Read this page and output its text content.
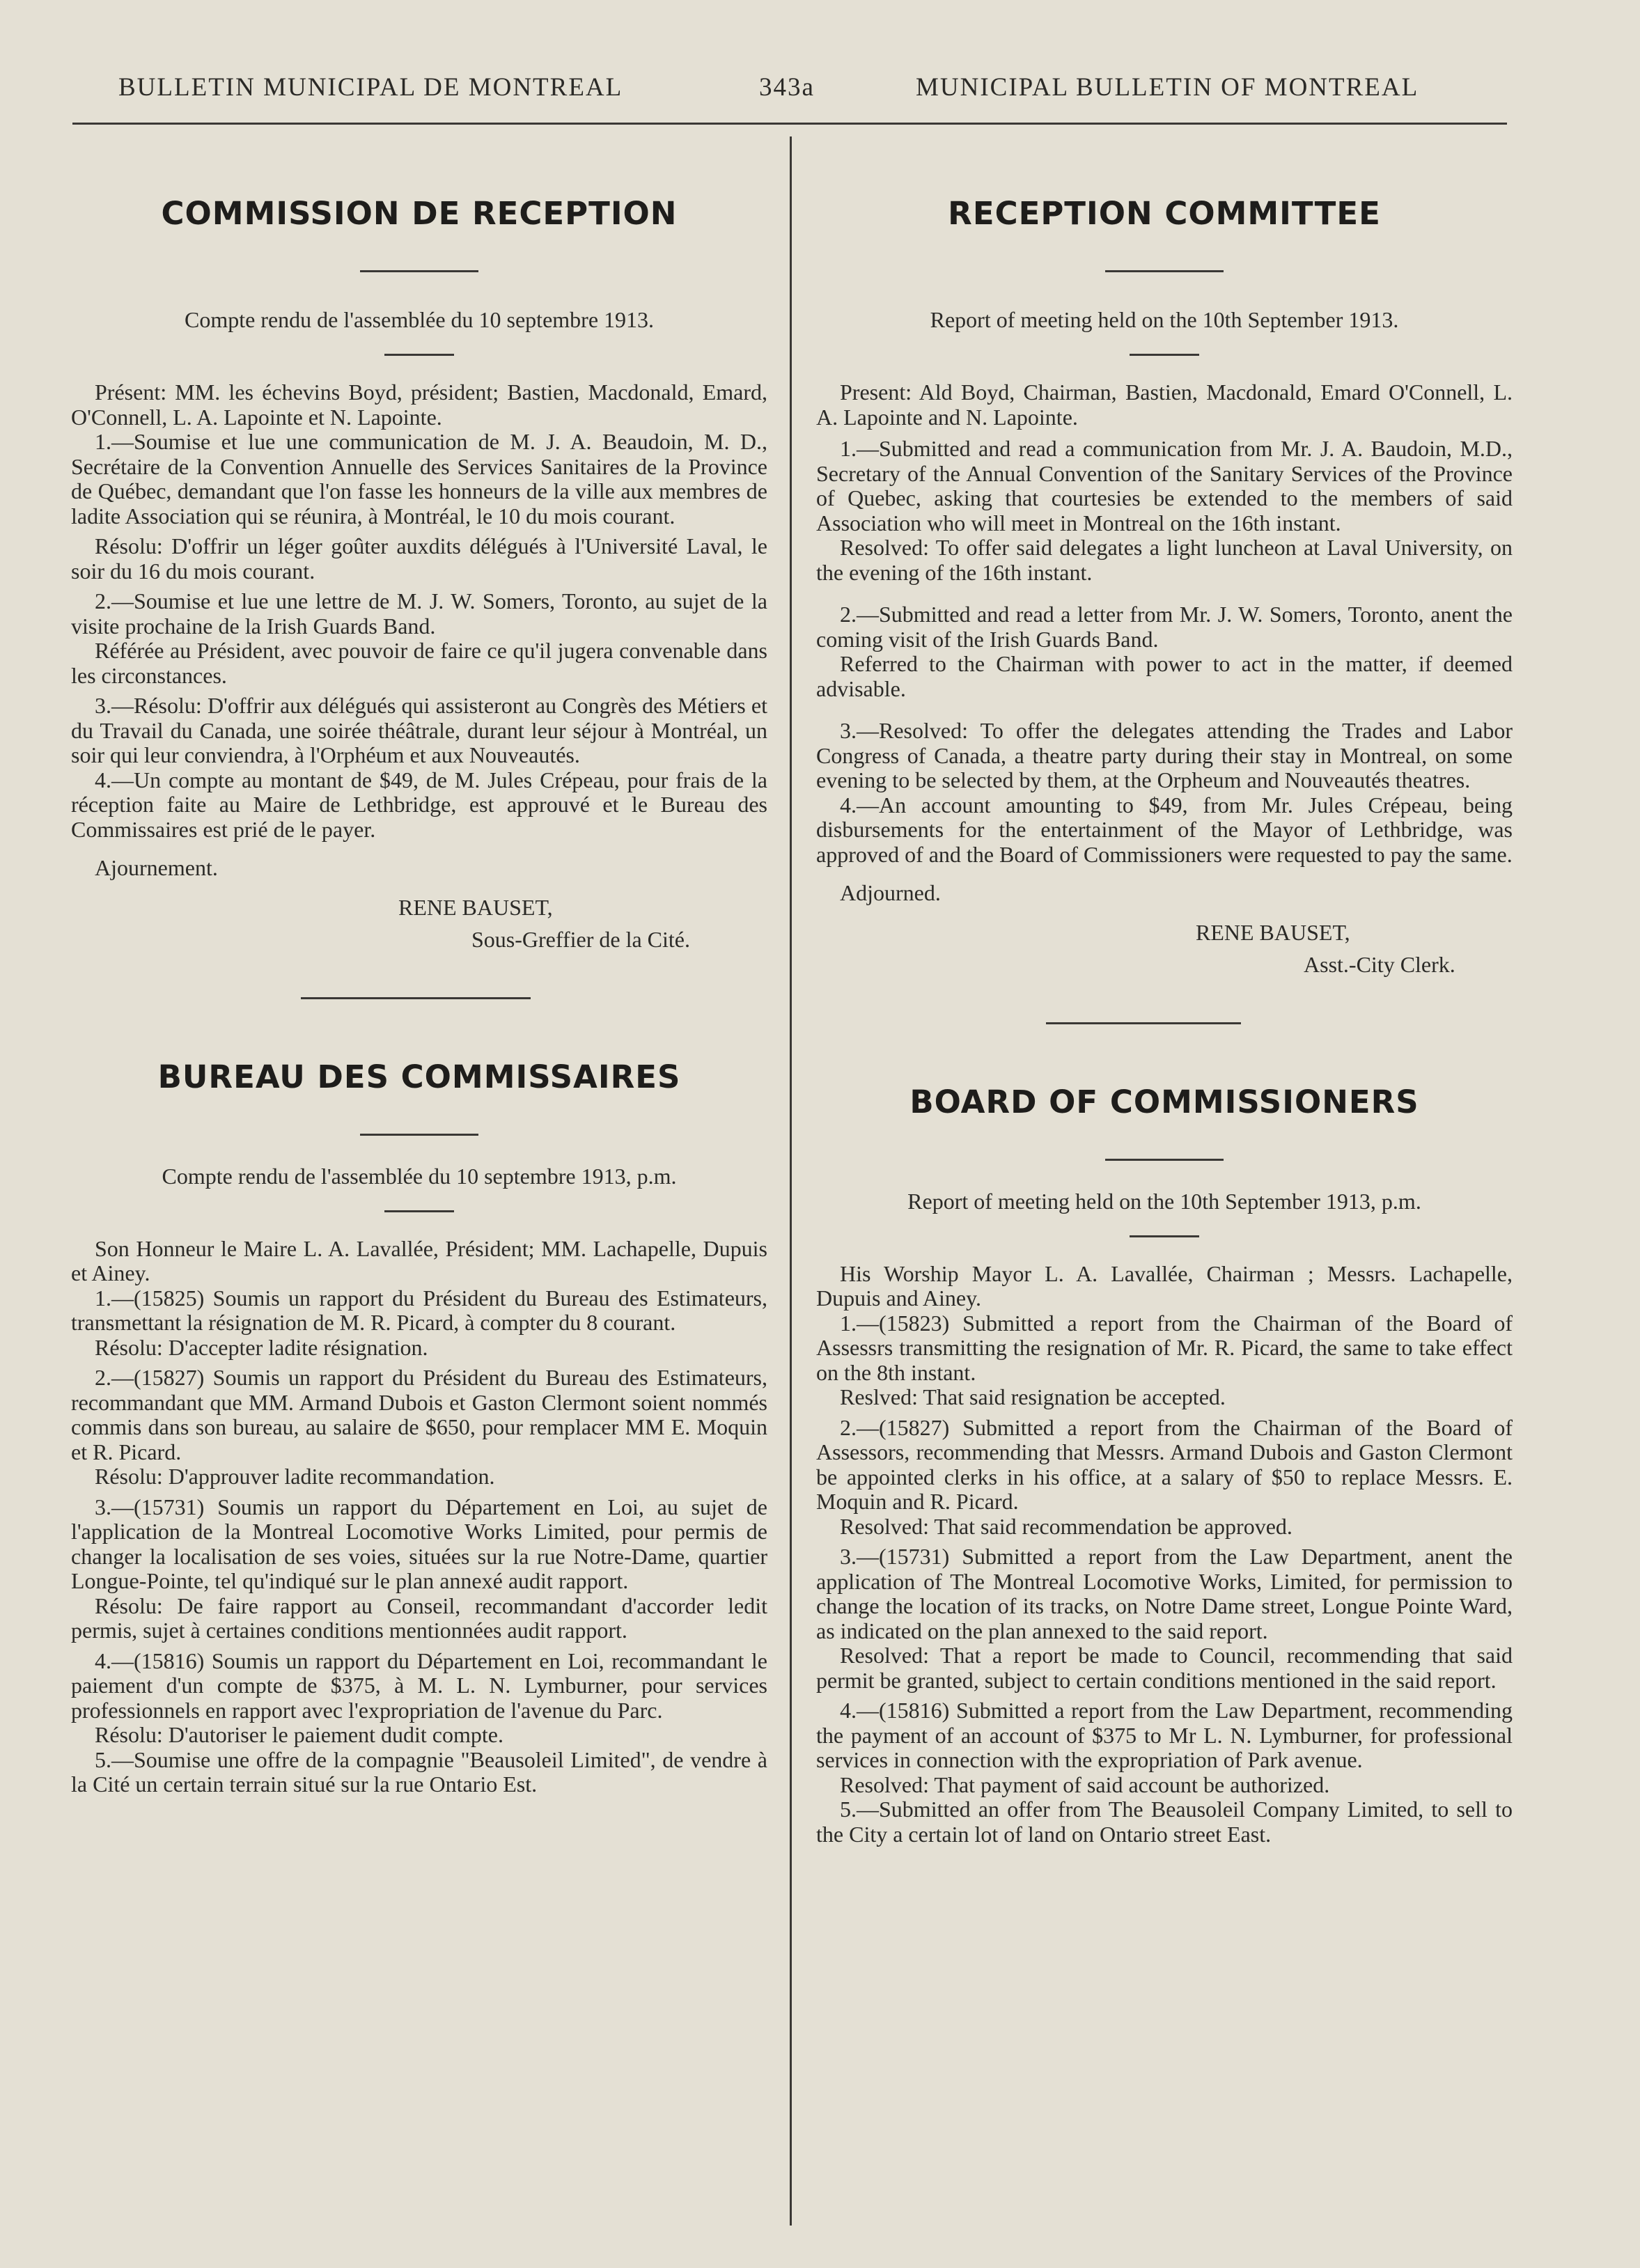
BULLETIN MUNICIPAL DE MONTREAL	343a	MUNICIPAL BULLETIN OF MONTREAL
COMMISSION DE RECEPTION

Compte rendu de l'assemblée du 10 septembre 1913.

Présent: MM. les échevins Boyd, président; Bastien, Macdonald, Emard, O'Connell, L. A. Lapointe et N. Lapointe.

1.—Soumise et lue une communication de M. J. A. Beaudoin, M. D., Secrétaire de la Convention Annuelle des Services Sanitaires de la Province de Québec, demandant que l'on fasse les honneurs de la ville aux membres de ladite Association qui se réunira, à Montréal, le 10 du mois courant.

Résolu: D'offrir un léger goûter auxdits délégués à l'Université Laval, le soir du 16 du mois courant.

2.—Soumise et lue une lettre de M. J. W. Somers, Toronto, au sujet de la visite prochaine de la Irish Guards Band.

Référée au Président, avec pouvoir de faire ce qu'il jugera convenable dans les circonstances.

3.—Résolu: D'offrir aux délégués qui assisteront au Congrès des Métiers et du Travail du Canada, une soirée théâtrale, durant leur séjour à Montréal, un soir qui leur conviendra, à l'Orphéum et aux Nouveautés.

4.—Un compte au montant de $49, de M. Jules Crépeau, pour frais de la réception faite au Maire de Lethbridge, est approuvé et le Bureau des Commissaires est prié de le payer.

Ajournement.

RENE BAUSET,
Sous-Greffier de la Cité.
BUREAU DES COMMISSAIRES

Compte rendu de l'assemblée du 10 septembre 1913, p.m.

Son Honneur le Maire L. A. Lavallée, Président; MM. Lachapelle, Dupuis et Ainey.

1.—(15825) Soumis un rapport du Président du Bureau des Estimateurs, transmettant la résignation de M. R. Picard, à compter du 8 courant.

Résolu: D'accepter ladite résignation.

2.—(15827) Soumis un rapport du Président du Bureau des Estimateurs, recommandant que MM. Armand Dubois et Gaston Clermont soient nommés commis dans son bureau, au salaire de $650, pour remplacer MM E. Moquin et R. Picard.

Résolu: D'approuver ladite recommandation.

3.—(15731) Soumis un rapport du Département en Loi, au sujet de l'application de la Montreal Locomotive Works Limited, pour permis de changer la localisation de ses voies, situées sur la rue Notre-Dame, quartier Longue-Pointe, tel qu'indiqué sur le plan annexé audit rapport.

Résolu: De faire rapport au Conseil, recommandant d'accorder ledit permis, sujet à certaines conditions mentionnées audit rapport.

4.—(15816) Soumis un rapport du Département en Loi, recommandant le paiement d'un compte de $375, à M. L. N. Lymburner, pour services professionnels en rapport avec l'expropriation de l'avenue du Parc.

Résolu: D'autoriser le paiement dudit compte.

5.—Soumise une offre de la compagnie "Beausoleil Limited", de vendre à la Cité un certain terrain situé sur la rue Ontario Est.

RECEPTION COMMITTEE

Report of meeting held on the 10th September 1913.

Present: Ald Boyd, Chairman, Bastien, Macdonald, Emard O'Connell, L. A. Lapointe and N. Lapointe.

1.—Submitted and read a communication from Mr. J. A. Baudoin, M.D., Secretary of the Annual Convention of the Sanitary Services of the Province of Quebec, asking that courtesies be extended to the members of said Association who will meet in Montreal on the 16th instant.

Resolved: To offer said delegates a light luncheon at Laval University, on the evening of the 16th instant.

2.—Submitted and read a letter from Mr. J. W. Somers, Toronto, anent the coming visit of the Irish Guards Band.

Referred to the Chairman with power to act in the matter, if deemed advisable.

3.—Resolved: To offer the delegates attending the Trades and Labor Congress of Canada, a theatre party during their stay in Montreal, on some evening to be selected by them, at the Orpheum and Nouveautés theatres.

4.—An account amounting to $49, from Mr. Jules Crépeau, being disbursements for the entertainment of the Mayor of Lethbridge, was approved of and the Board of Commissioners were requested to pay the same.

Adjourned.

RENE BAUSET,
Asst.-City Clerk.
BOARD OF COMMISSIONERS

Report of meeting held on the 10th September 1913, p.m.

His Worship Mayor L. A. Lavallée, Chairman ; Messrs. Lachapelle, Dupuis and Ainey.

1.—(15823) Submitted a report from the Chairman of the Board of Assessrs transmitting the resignation of Mr. R. Picard, the same to take effect on the 8th instant.

Reslved: That said resignation be accepted.

2.—(15827) Submitted a report from the Chairman of the Board of Assessors, recommending that Messrs. Armand Dubois and Gaston Clermont be appointed clerks in his office, at a salary of $50 to replace Messrs. E. Moquin and R. Picard.

Resolved: That said recommendation be approved.

3.—(15731) Submitted a report from the Law Department, anent the application of The Montreal Locomotive Works, Limited, for permission to change the location of its tracks, on Notre Dame street, Longue Pointe Ward, as indicated on the plan annexed to the said report.

Resolved: That a report be made to Council, recommending that said permit be granted, subject to certain conditions mentioned in the said report.

4.—(15816) Submitted a report from the Law Department, recommending the payment of an account of $375 to Mr L. N. Lymburner, for professional services in connection with the expropriation of Park avenue.

Resolved: That payment of said account be authorized.

5.—Submitted an offer from The Beausoleil Company Limited, to sell to the City a certain lot of land on Ontario street East.
